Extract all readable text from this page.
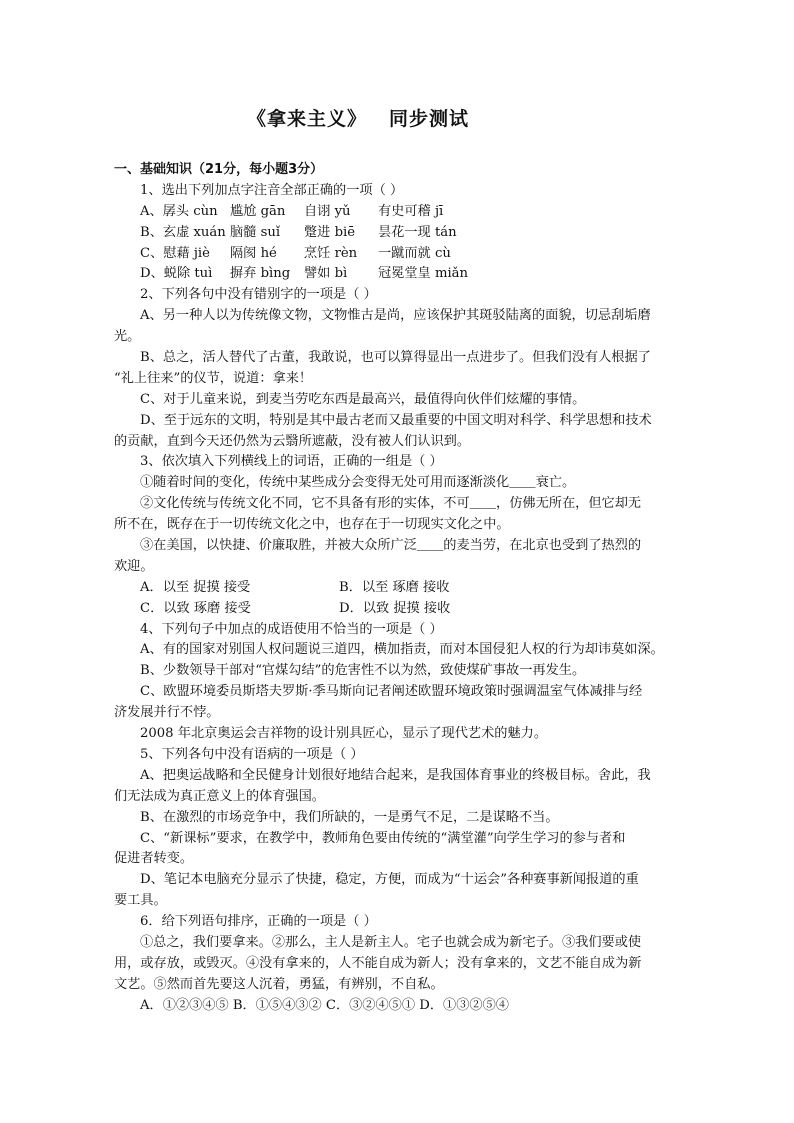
《拿来主义》 同步测试
一、基础知识（21分，每小题3分）
1、选出下列加点字注音全部正确的一项（ ）
A、孱头 cùn 尴尬 gān 自诩 yǔ 有史可稽 jī
B、玄虚 xuán 脑髓 suǐ 蹩进 biē 昙花一现 tán
C、慰藉 jiè 隔阂 hé 烹饪 rèn 一蹴而就 cù
D、蜕除 tuì 摒弃 bìng 譬如 bì 冠冕堂皇 miǎn
2、下列各句中没有错别字的一项是（ ）
A、另一种人以为传统像文物，文物惟古是尚，应该保护其斑驳陆离的面貌，切忌刮垢磨
光。
B、总之，活人替代了古董，我敢说，也可以算得显出一点进步了。但我们没有人根据了
“礼上往来”的仪节，说道：拿来！
C、对于儿童来说，到麦当劳吃东西是最高兴，最值得向伙伴们炫耀的事情。
D、至于远东的文明，特别是其中最古老而又最重要的中国文明对科学、科学思想和技术
的贡献，直到今天还仍然为云翳所遮蔽，没有被人们认识到。
3、依次填入下列横线上的词语，正确的一组是（ ）
①随着时间的变化，传统中某些成分会变得无处可用而逐渐淡化＿＿衰亡。
②文化传统与传统文化不同，它不具备有形的实体，不可＿＿，仿佛无所在，但它却无
所不在，既存在于一切传统文化之中，也存在于一切现实文化之中。
③在美国，以快捷、价廉取胜，并被大众所广泛＿＿的麦当劳，在北京也受到了热烈的
欢迎。
A．以至 捉摸 接受	B．以至 琢磨 接收
C．以致 琢磨 接受	D．以致 捉摸 接收
4、下列句子中加点的成语使用不恰当的一项是（ ）
A、有的国家对别国人权问题说三道四，横加指责，而对本国侵犯人权的行为却讳莫如深。
B、少数领导干部对“官煤勾结”的危害性不以为然，致使煤矿事故一再发生。
C、欧盟环境委员斯塔夫罗斯·季马斯向记者阐述欧盟环境政策时强调温室气体减排与经
济发展并行不悖。
2008 年北京奥运会吉祥物的设计别具匠心，显示了现代艺术的魅力。
5、下列各句中没有语病的一项是（ ）
A、把奥运战略和全民健身计划很好地结合起来，是我国体育事业的终极目标。舍此，我
们无法成为真正意义上的体育强国。
B、在激烈的市场竞争中，我们所缺的，一是勇气不足，二是谋略不当。
C、“新课标”要求，在教学中，教师角色要由传统的“满堂灌”向学生学习的参与者和
促进者转变。
D、笔记本电脑充分显示了快捷，稳定，方便，而成为“十运会”各种赛事新闻报道的重
要工具。
6．给下列语句排序，正确的一项是（ ）
①总之，我们要拿来。②那么，主人是新主人。宅子也就会成为新宅子。③我们要或使
用，或存放，或毁灭。④没有拿来的，人不能自成为新人；没有拿来的，文艺不能自成为新
文艺。⑤然而首先要这人沉着，勇猛，有辨别，不自私。
A．①②③④⑤ B．①⑤④③② C．③②④⑤① D．①③②⑤④
